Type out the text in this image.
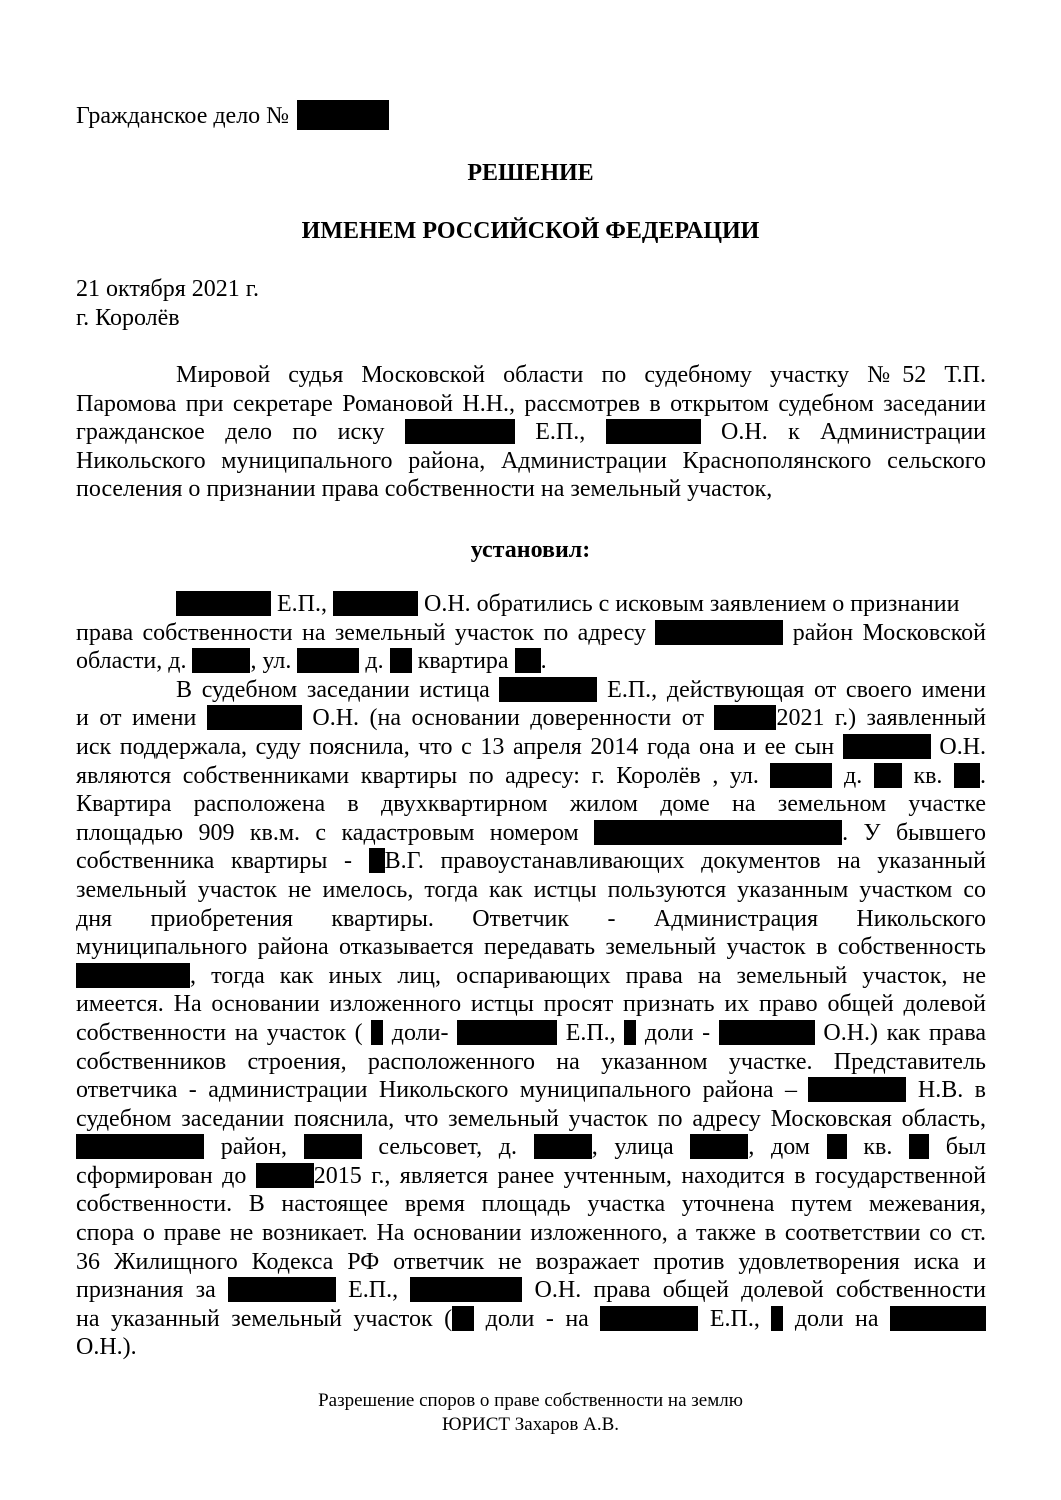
Гражданское дело №
РЕШЕНИЕ
ИМЕНЕМ РОССИЙСКОЙ ФЕДЕРАЦИИ
21 октября 2021 г.
г. Королёв
Мировой судья Московской области по судебному участку №52 Т.П.
Паромова при секретаре Романовой Н.Н., рассмотрев в открытом судебном заседании
гражданское дело по иску	Е.П.,	О.Н. к Администрации
Никольского муниципального района, Администрации Краснополянского сельского
поселения о признании права собственности на земельный участок,
установил:
Е.П.,	О.Н. обратились с исковым заявлением о признании
права собственности на земельный участок по адресу	район Московской
области, д.	, ул.	д. квартира .
В судебном заседании истица	Е.П., действующая от своего имени
и от имени	О.Н. (на основании доверенности от	2021 г.) заявленный
иск поддержала, суду пояснила, что с 13 апреля 2014 года она и ее сын	О.Н.
являются собственниками квартиры по адресу: г. Королёв , ул.	д. кв. .
Квартира расположена в двухквартирном жилом доме на земельном участке
площадью 909 кв.м. с кадастровым номером	. У бывшего
собственника квартиры - В.Г. правоустанавливающих документов на указанный
земельный участок не имелось, тогда как истцы пользуются указанным участком со
дня приобретения квартиры. Ответчик - Администрация Никольского
муниципального района отказывается передавать земельный участок в собственность
, тогда как иных лиц, оспаривающих права на земельный участок, не
имеется. На основании изложенного истцы просят признать их право общей долевой
собственности на участок ( доли-	Е.П., доли -	О.Н.) как права
собственников строения, расположенного на указанном участке. Представитель
ответчика - администрации Никольского муниципального района –	Н.В. в
судебном заседании пояснила, что земельный участок по адресу Московская область,
район,	сельсовет, д.	, улица	, дом кв. был
сформирован до	2015 г., является ранее учтенным, находится в государственной
собственности. В настоящее время площадь участка уточнена путем межевания,
спора о праве не возникает. На основании изложенного, а также в соответствии со ст.
36 Жилищного Кодекса РФ ответчик не возражает против удовлетворения иска и
признания за	Е.П.,	О.Н. права общей долевой собственности
на указанный земельный участок ( доли - на	Е.П., доли на
О.Н.).
Разрешение споров о праве собственности на землю
ЮРИСТ Захаров А.В.
